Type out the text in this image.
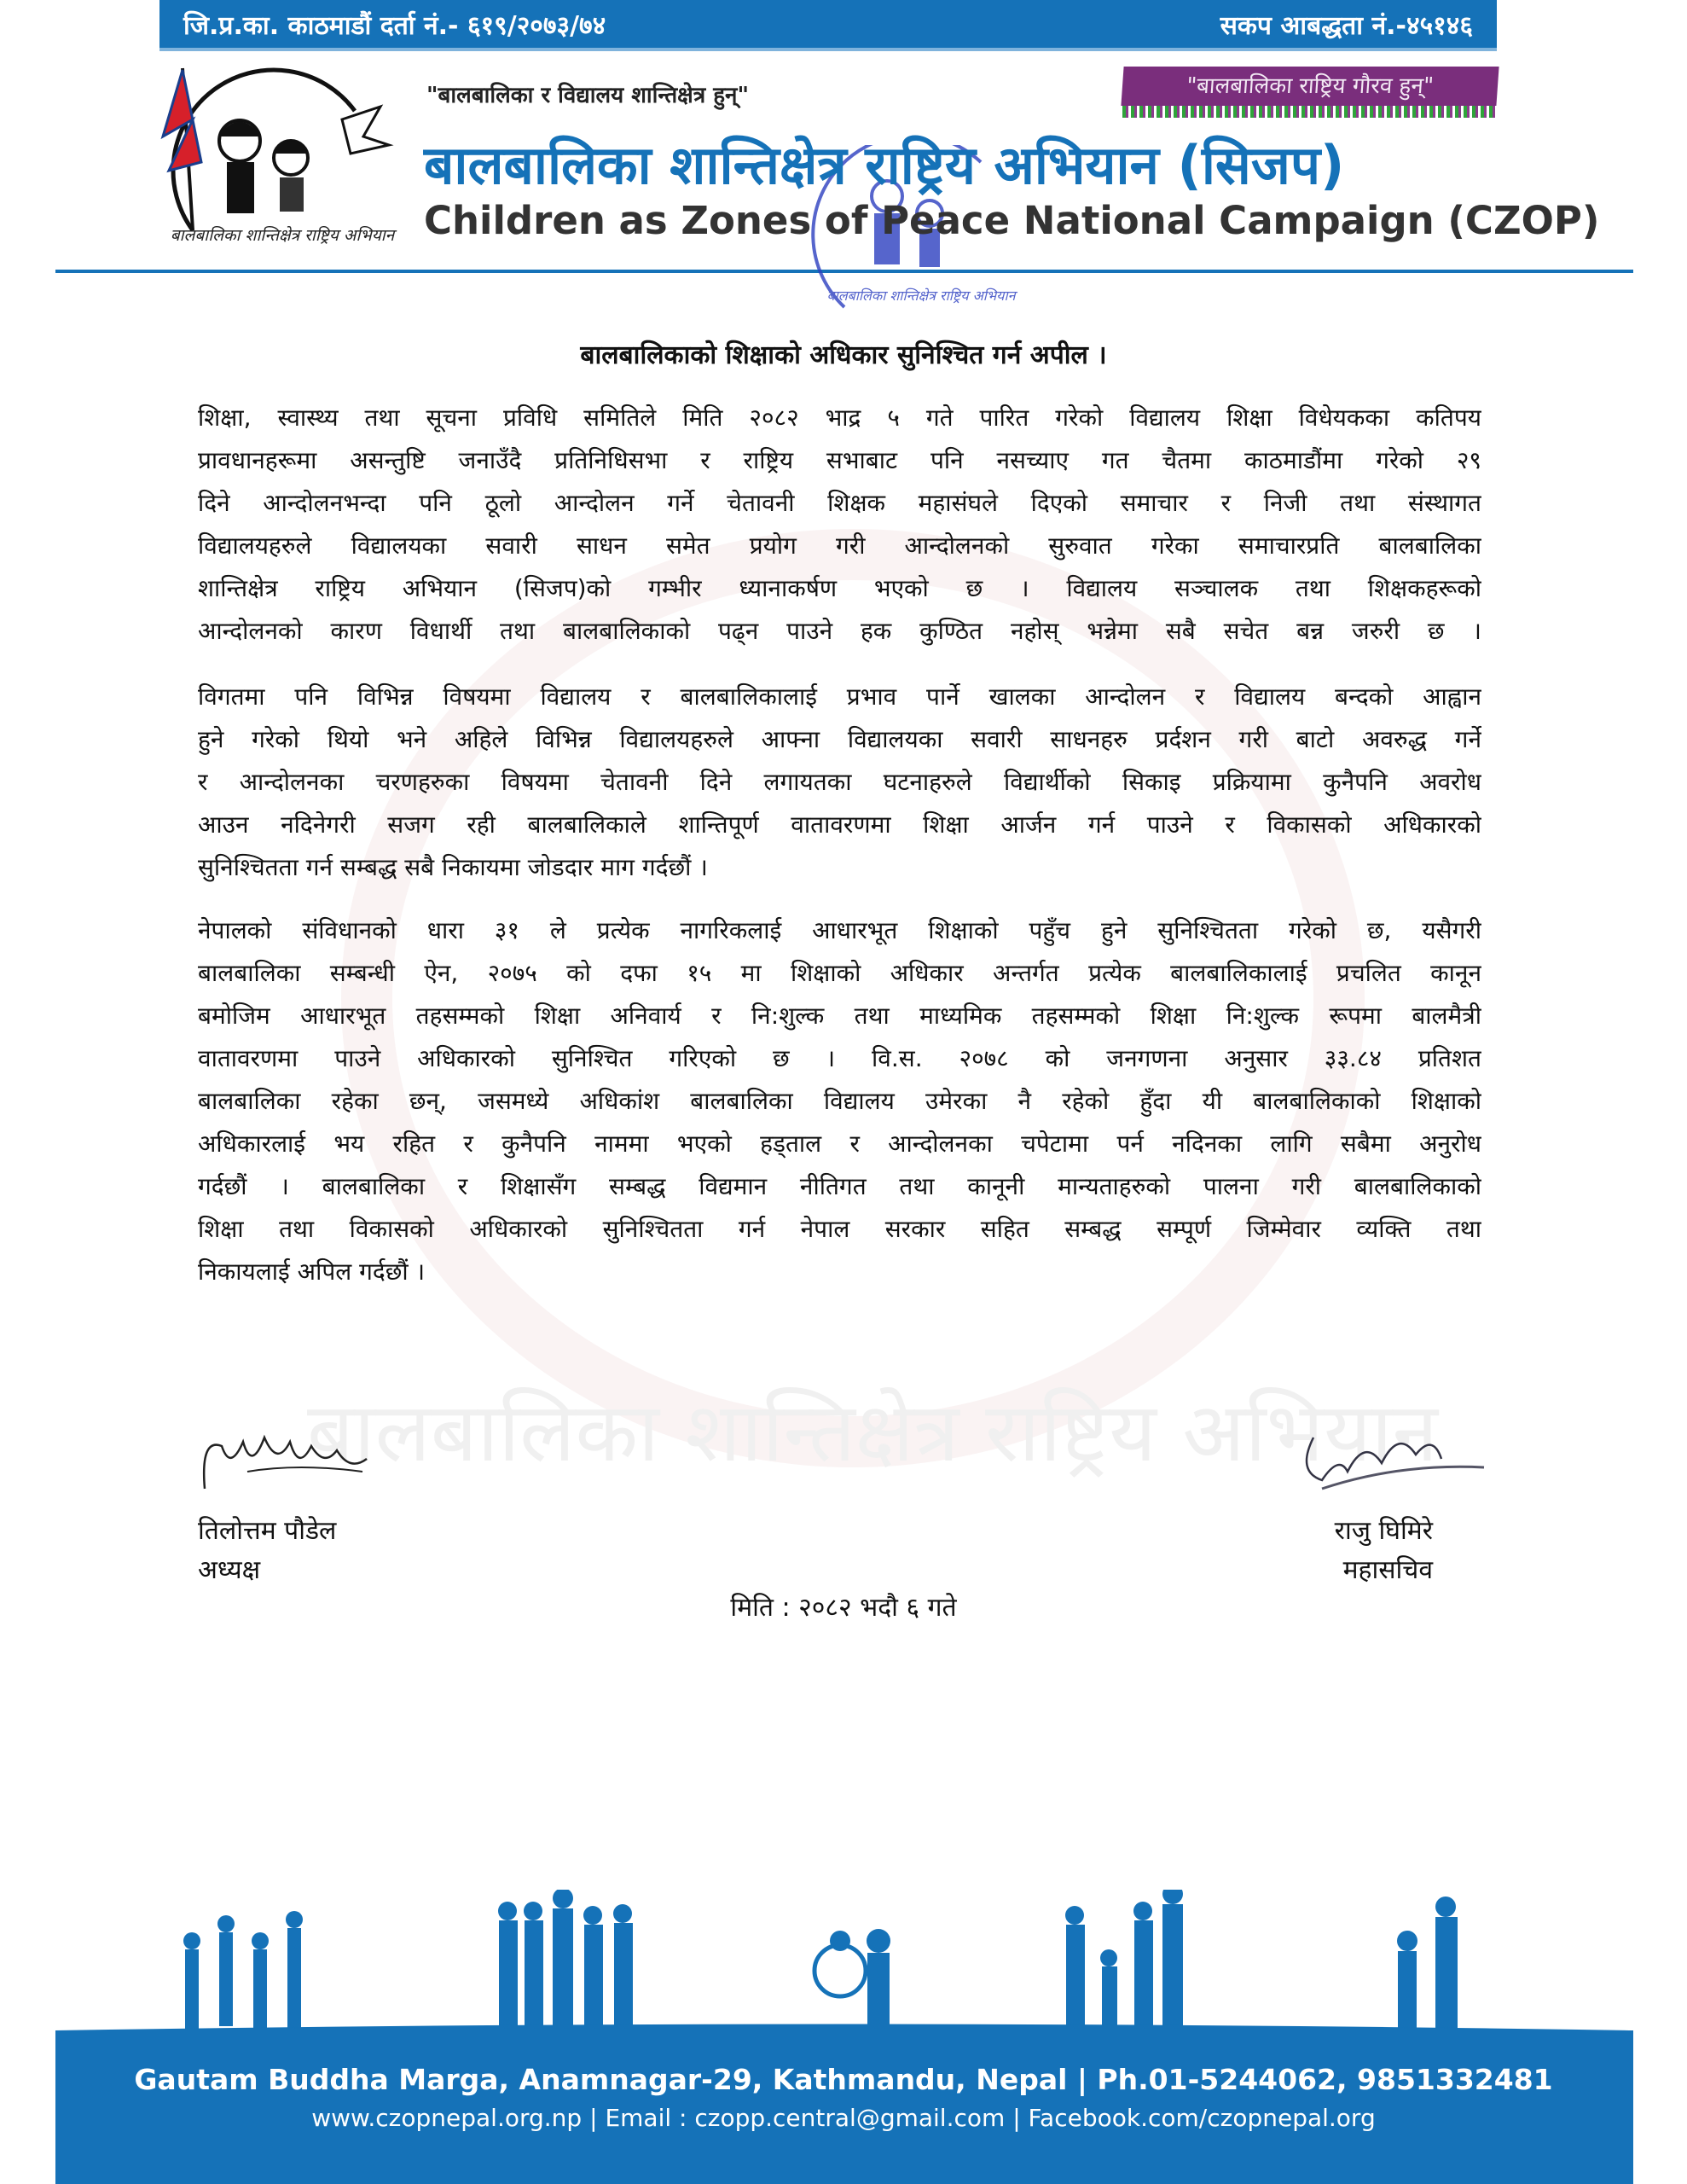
बालबालिका शान्तिक्षेत्र राष्ट्रिय अभियान
जि.प्र.का. काठमाडौं दर्ता नं.- ६१९/२०७३/७४	सकप आबद्धता नं.-४५१४६
बालबालिका शान्तिक्षेत्र राष्ट्रिय अभियान
"बालबालिका र विद्यालय शान्तिक्षेत्र हुन्"	"बालबालिका राष्ट्रिय गौरव हुन्"
बालबालिका शान्तिक्षेत्र राष्ट्रिय अभियान
बालबालिका शान्तिक्षेत्र राष्ट्रिय अभियान (सिजप)
Children as Zones of Peace National Campaign (CZOP)
बालबालिकाको शिक्षाको अधिकार सुनिश्चित गर्न अपील ।
शिक्षा, स्वास्थ्य तथा सूचना प्रविधि समितिले मिति २०८२ भाद्र ५ गते पारित गरेको विद्यालय शिक्षा विधेयकका कतिपय
प्रावधानहरूमा असन्तुष्टि जनाउँदै प्रतिनिधिसभा र राष्ट्रिय सभाबाट पनि नसच्याए गत चैतमा काठमाडौंमा गरेको २९
दिने आन्दोलनभन्दा पनि ठूलो आन्दोलन गर्ने चेतावनी शिक्षक महासंघले दिएको समाचार र निजी तथा संस्थागत
विद्यालयहरुले विद्यालयका सवारी साधन समेत प्रयोग गरी आन्दोलनको सुरुवात गरेका समाचारप्रति बालबालिका
शान्तिक्षेत्र राष्ट्रिय अभियान (सिजप)को गम्भीर ध्यानाकर्षण भएको छ । विद्यालय सञ्चालक तथा शिक्षकहरूको
आन्दोलनको कारण विधार्थी तथा बालबालिकाको पढ्न पाउने हक कुण्ठित नहोस् भन्नेमा सबै सचेत बन्न जरुरी छ ।
विगतमा पनि विभिन्न विषयमा विद्यालय र बालबालिकालाई प्रभाव पार्ने खालका आन्दोलन र विद्यालय बन्दको आह्वान
हुने गरेको थियो भने अहिले विभिन्न विद्यालयहरुले आफ्ना विद्यालयका सवारी साधनहरु प्रर्दशन गरी बाटो अवरुद्ध गर्ने
र आन्दोलनका चरणहरुका विषयमा चेतावनी दिने लगायतका घटनाहरुले विद्यार्थीको सिकाइ प्रक्रियामा कुनैपनि अवरोध
आउन नदिनेगरी सजग रही बालबालिकाले शान्तिपूर्ण वातावरणमा शिक्षा आर्जन गर्न पाउने र विकासको अधिकारको
सुनिश्चितता गर्न सम्बद्ध सबै निकायमा जोडदार माग गर्दछौं ।
नेपालको संविधानको धारा ३१ ले प्रत्येक नागरिकलाई आधारभूत शिक्षाको पहुँच हुने सुनिश्चितता गरेको छ, यसैगरी
बालबालिका सम्बन्धी ऐन, २०७५ को दफा १५ मा शिक्षाको अधिकार अन्तर्गत प्रत्येक बालबालिकालाई प्रचलित कानून
बमोजिम आधारभूत तहसम्मको शिक्षा अनिवार्य र नि:शुल्क तथा माध्यमिक तहसम्मको शिक्षा नि:शुल्क रूपमा बालमैत्री
वातावरणमा पाउने अधिकारको सुनिश्चित गरिएको छ । वि.स. २०७८ को जनगणना अनुसार ३३.८४ प्रतिशत
बालबालिका रहेका छन्, जसमध्ये अधिकांश बालबालिका विद्यालय उमेरका नै रहेको हुँदा यी बालबालिकाको शिक्षाको
अधिकारलाई भय रहित र कुनैपनि नाममा भएको हड्ताल र आन्दोलनका चपेटामा पर्न नदिनका लागि सबैमा अनुरोध
गर्दछौं । बालबालिका र शिक्षासँग सम्बद्ध विद्यमान नीतिगत तथा कानूनी मान्यताहरुको पालना गरी बालबालिकाको
शिक्षा तथा विकासको अधिकारको सुनिश्चितता गर्न नेपाल सरकार सहित सम्बद्ध सम्पूर्ण जिम्मेवार व्यक्ति तथा
निकायलाई अपिल गर्दछौं ।
तिलोत्तम पौडेल
अध्यक्ष
राजु घिमिरे
महासचिव
मिति : २०८२ भदौ ६ गते
Gautam Buddha Marga, Anamnagar-29, Kathmandu, Nepal | Ph.01-5244062, 9851332481
www.czopnepal.org.np | Email : czopp.central@gmail.com | Facebook.com/czopnepal.org
